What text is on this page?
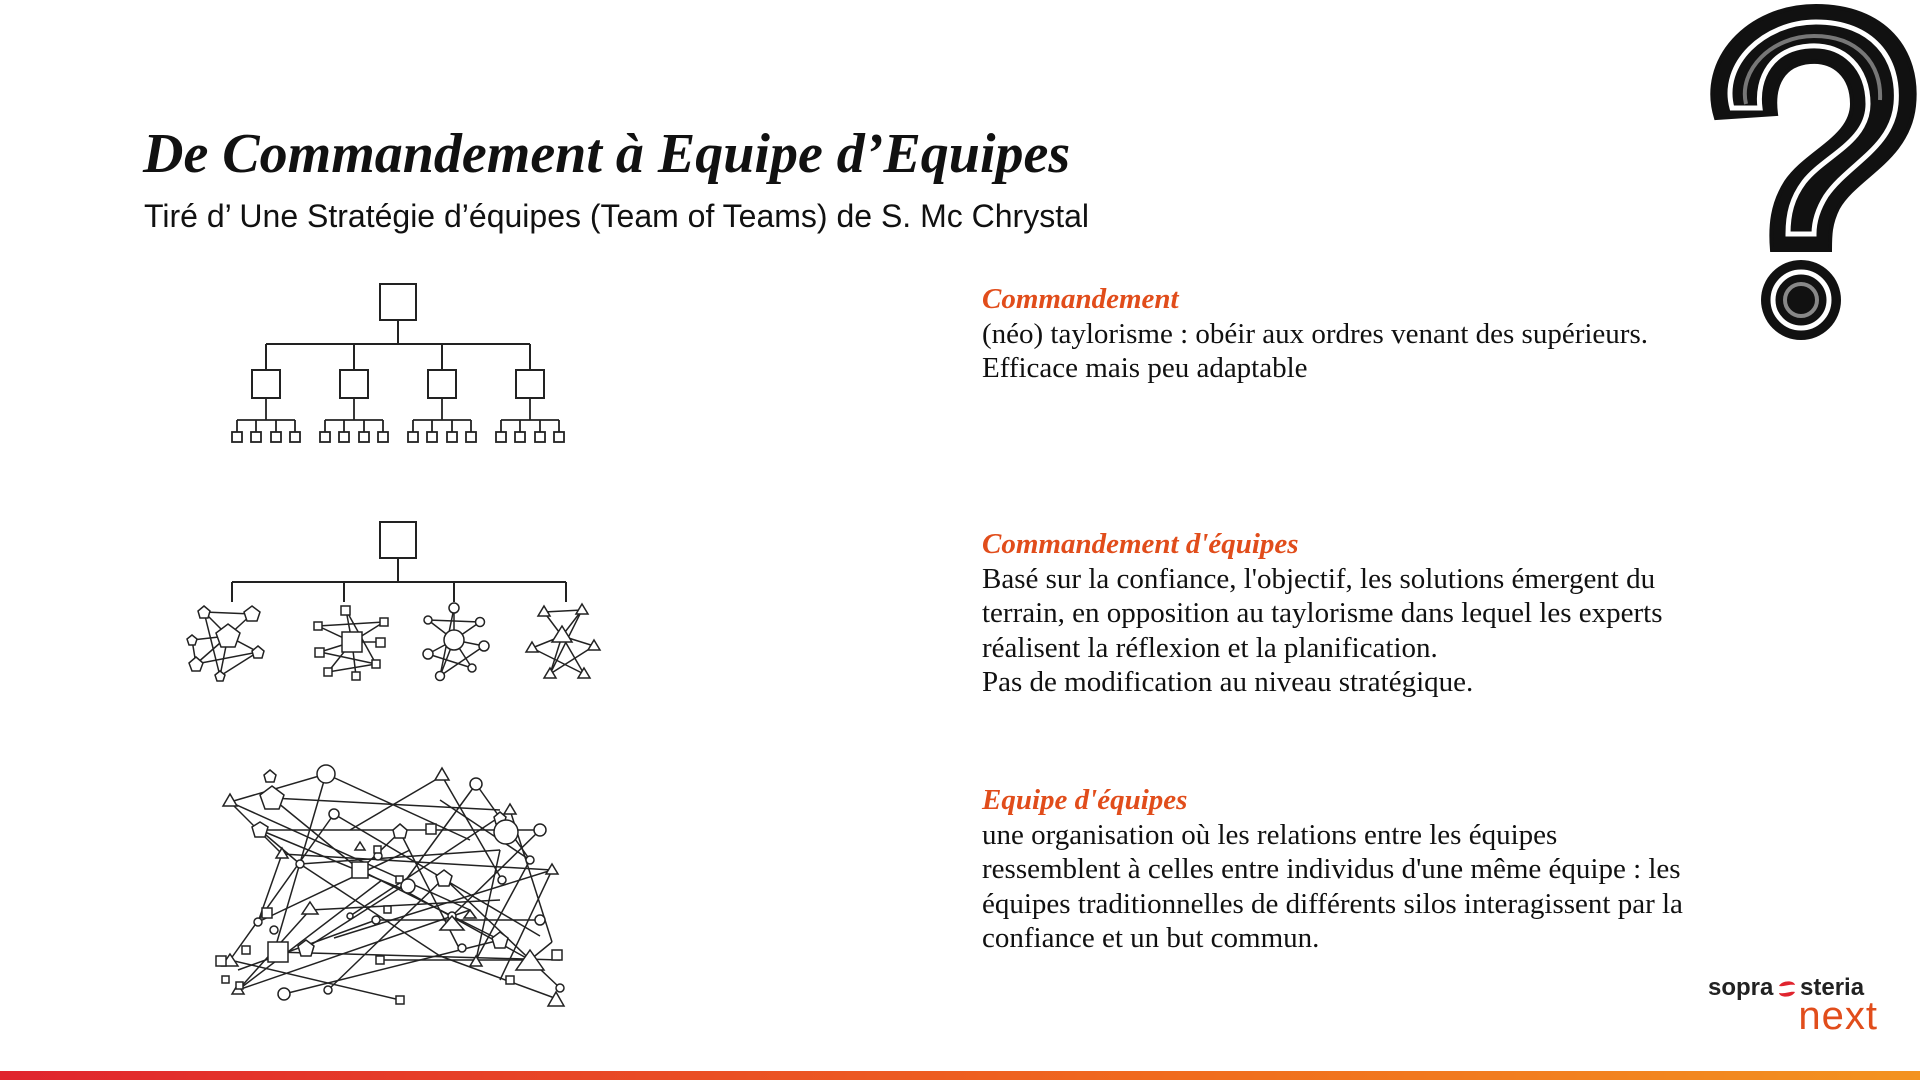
De Commandement à Equipe d’Equipes

Tiré d’ Une Stratégie d’équipes (Team of Teams) de S. Mc Chrystal

Commandement
(néo) taylorisme : obéir aux ordres venant des supérieurs.
Efficace mais peu adaptable
Commandement d'équipes
Basé sur la confiance, l'objectif, les solutions émergent du
terrain, en opposition au taylorisme dans lequel les experts
réalisent la réflexion et la planification.
Pas de modification au niveau stratégique.
Equipe d'équipes
une organisation où les relations entre les équipes
ressemblent à celles entre individus d'une même équipe : les
équipes traditionnelles de différents silos interagissent par la
confiance et un but commun.
sopra steria
next
